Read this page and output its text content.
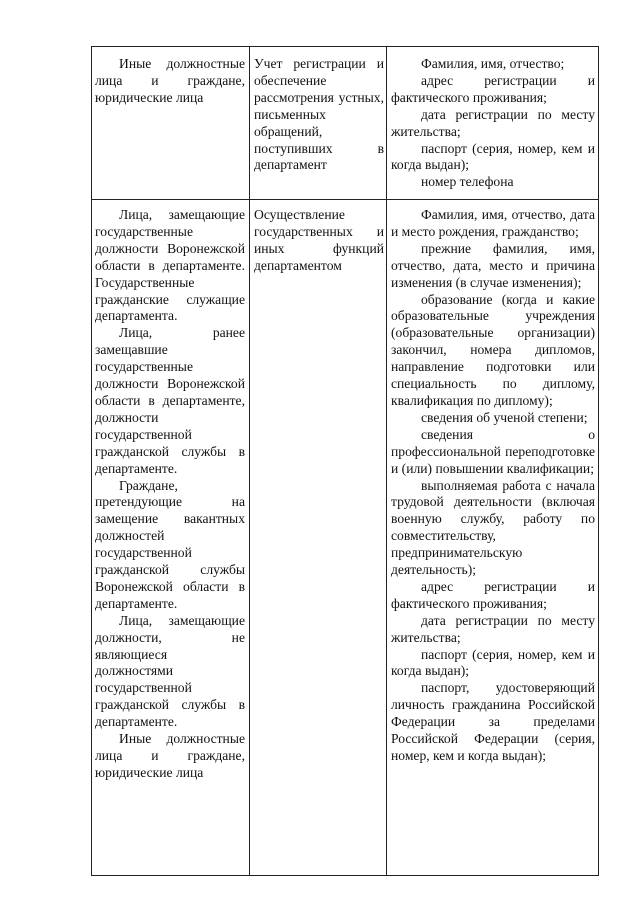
Иные должностные лица и граждане, юридические лица

Учет регистрации и обеспечение рассмотрения устных, письменных обращений, поступивших в департамент

Фамилия, имя, отчество;

адрес регистрации и фактического проживания;

дата регистрации по месту жительства;

паспорт (серия, номер, кем и когда выдан);

номер телефона

Лица, замещающие государственные должности Воронежской области в департаменте. Государственные гражданские служащие департамента.

Лица, ранее замещавшие государственные должности Воронежской области в департаменте, должности государственной гражданской службы в департаменте.

Граждане, претендующие на замещение вакантных должностей государственной гражданской службы Воронежской области в департаменте.

Лица, замещающие должности, не являющиеся должностями государственной гражданской службы в департаменте.

Иные должностные лица и граждане, юридические лица

Осуществление государственных и иных функций департаментом

Фамилия, имя, отчество, дата и место рождения, гражданство;

прежние фамилия, имя, отчество, дата, место и причина изменения (в случае изменения);

образование (когда и какие образовательные учреждения (образовательные организации) закончил, номера дипломов, направление подготовки или специальность по диплому, квалификация по диплому);

сведения об ученой степени;

сведения о профессиональной переподготовке и (или) повышении квалификации;

выполняемая работа с начала трудовой деятельности (включая военную службу, работу по совместительству, предпринимательскую деятельность);

адрес регистрации и фактического проживания;

дата регистрации по месту жительства;

паспорт (серия, номер, кем и когда выдан);

паспорт, удостоверяющий личность гражданина Российской Федерации за пределами Российской Федерации (серия, номер, кем и когда выдан);
